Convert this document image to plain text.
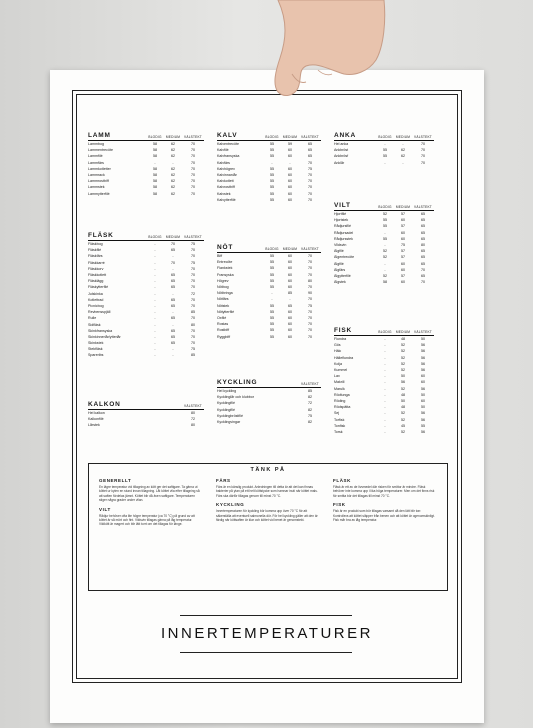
LAMM	BLODIG	MEDIUM	VÄLSTEKT
Lammbog	58	62	70
Lammentrecôte	58	62	70
Lammfilé	58	62	70
Lammfärs	-	-	70
Lammkotletter	58	62	70
Lammrack	58	62	70
Lammrostbiff	58	62	70
Lammstek	58	62	70
Lammytterfilé	58	62	70
KALV	BLODIG	MEDIUM	VÄLSTEKT
Kalventrecôte	55	59	65
Kalvfilé	55	60	65
Kalvfransyska	55	60	65
Kalvfärs	-	-	70
Kalvhögrev	55	60	75
Kalvinnanlår	55	60	70
Kalvkotlett	55	60	70
Kalvrostbiff	55	60	70
Kalvstek	55	60	70
Kalvytterfilé	55	60	70
ANKA	BLODIG	MEDIUM	VÄLSTEKT
Hel anka	-	-	70
Ankbröst	55	62	70
Ankbrösf	55	62	70
Anklår	-	-	70
FLÄSK	BLODIG	MEDIUM	VÄLSTEKT
Fläskbog	-	70	75
Fläskfilé	-	65	70
Fläskfärs	-	-	70
Fläskkarré	-	70	75
Fläskkorv	-	-	70
Fläskkotlett	-	65	70
Fläsklägg	-	65	70
Fläskytterfilé	-	65	70
Julskinka	-	-	72
Kotlettrad	-	65	70
Picnicbog	-	65	70
Revbensspjäll	-	-	85
Rulle	-	65	70
Sidfläsk	-	-	80
Skinkfransyska	-	65	70
Skinkinnerlår/ytterlår	-	65	70
Skinkstek	-	65	70
Stekfläsk	-	-	75
Spareribs	-	-	85
NÖT	BLODIG	MEDIUM	VÄLSTEKT
Biff	55	60	70
Entrecôte	55	60	70
Flankstek	55	60	70
Fransyska	55	60	70
Högrev	55	60	80
Nötbog	55	60	70
Nötbringa	-	85	90
Nötfärs	-	-	70
Nötstek	55	65	75
Nötytterfilé	55	60	70
Oxfilé	55	60	70
Rostas	55	60	70
Rostbiff	55	60	70
Ryggbiff	55	60	70
VILT	BLODIG	MEDIUM	VÄLSTEKT
Hjortfilé	52	57	65
Hjortstek	55	60	65
Rådjursfilé	55	57	65
Rådjursadel	-	60	65
Rådjursstek	55	60	65
Vildsvin	-	75	80
Älgfilé	52	57	65
Älgentrecôte	52	57	65
Älgfilé	-	60	65
Älgfärs	-	60	70
Älgytterfilé	52	57	65
Älgstek	58	60	70
FISK	BLODIG	MEDIUM	VÄLSTEKT
Flundra	-	48	50
Gös	-	52	56
Hälc	-	52	56
Hälleflundra	-	52	56
Kolja	-	52	56
Kummel	-	52	56
Lax	-	50	60
Makrill	-	56	60
Marulk	-	52	56
Rödtunga	-	48	50
Röding	-	50	60
Rödspätta	-	48	50
Sej	-	52	56
Torfisk	-	52	56
Tonfisk	-	45	55
Torsk	-	52	56
KALKON	VÄLSTEKT
Hel kalkon	80
Kalkonfilé	72
Lårstek	80
KYCKLING	VÄLSTEKT
Hel kyckling	85
Kycklinglår och klubbor	82
Kycklingfilé	72
Kycklingfilé	82
Kycklingbröstfilé	75
Kycklingvingar	82
TÄNK PÅ
GENERELLT

En lägre temperatur vid tillagning av kött ger det saftigare. Ta gärna ut köttet ur kylen en stund innan tillagning. Låt köttet vila efter tillagning så att saften fördelas jämnt. Köttet blir då även saftigare. Temperaturen stiger några grader under vilan.

VILT

Rådjur behöver ofta lite högre temperatur (ca 70 °C) på grund av att köttet är så mört och fint. Vildsvin tillagas gärna på låg temperatur. Vildkött är magert och blir lätt torrt om det tillagas för länge.

FÄRS

Färs är en känslig produkt. Anledningen till detta är att det kan finnas bakterier på ytan på ett helt köttstycke som hamnar inuti när köttet mals. Färs ska därför tillagas genom till minst 70 °C.

KYCKLING

Innertemperaturen för kyckling bör komma upp över 70 °C för att säkerställa att eventuell salmonella dör. För hel kyckling gäller att den är färdig när köttsaften är klar och köttet vid benet är genomstekt.

FLÄSK

Fläsk är ett av de livsmedel där risken för smittor är mindre. Fläsk behöver inte komma upp i lika höga temperaturer. Men om det finns risk för smitta bör det tillagas till minst 70 °C.

FISK

Fisk är en produkt som bör tillagas varsamt då den lätt blir torr. Kontrollera att köttet släpper från benen och att köttet är ogenomskinligt. Fisk mår bra av låg temperatur.

INNERTEMPERATURER
